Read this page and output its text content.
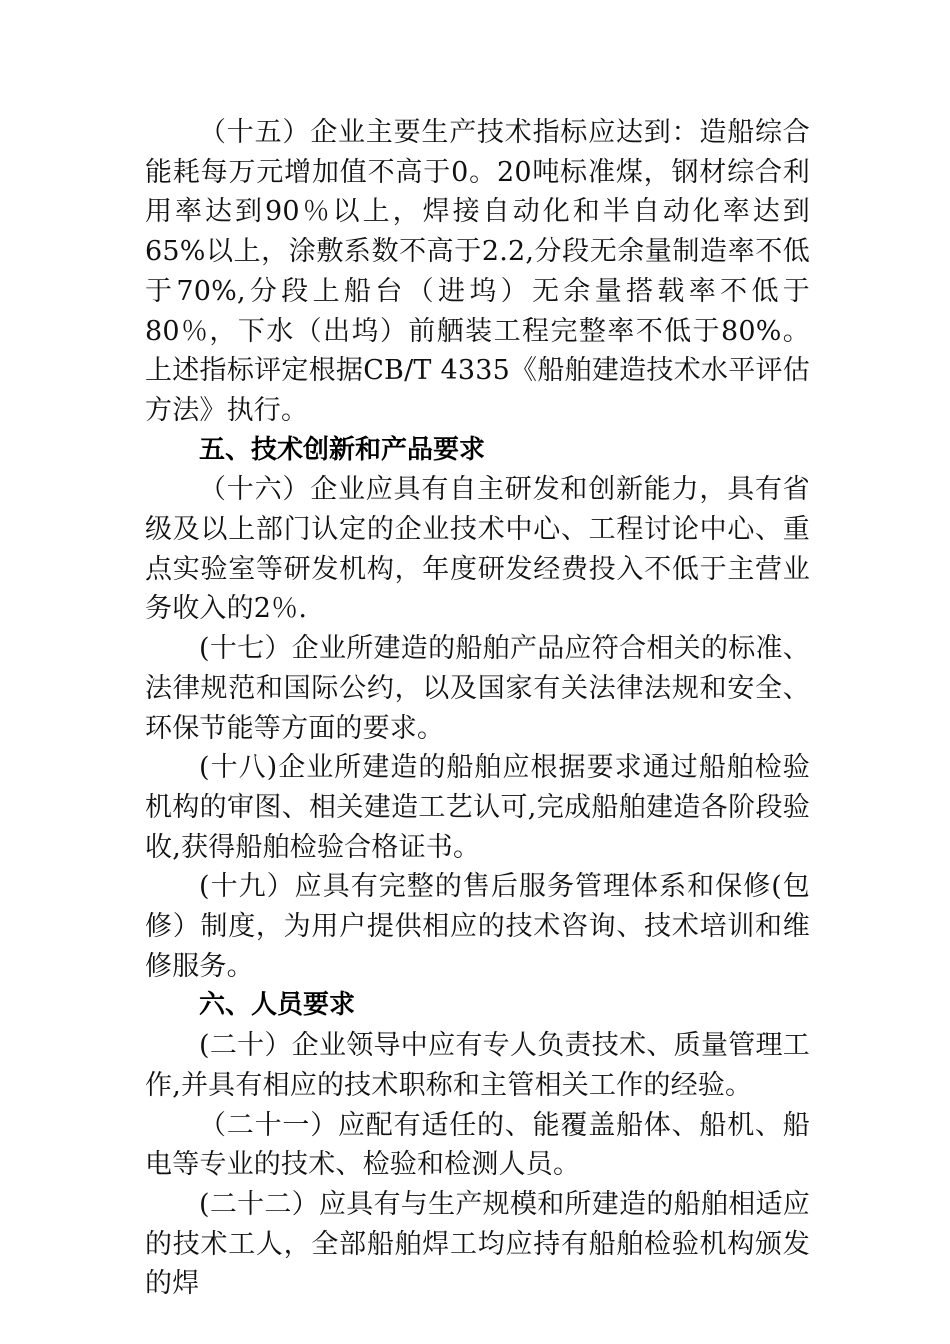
（十五）企业主要生产技术指标应达到：造船综合能耗每万元增加值不高于0。20吨标准煤，钢材综合利用率达到90％以上，焊接自动化和半自动化率达到65%以上，涂敷系数不高于2.2,分段无余量制造率不低于70%,分段上船台（进坞）无余量搭载率不低于80％，下水（出坞）前舾装工程完整率不低于80%。上述指标评定根据CB/T 4335《船舶建造技术水平评估方法》执行。

五、技术创新和产品要求

（十六）企业应具有自主研发和创新能力，具有省级及以上部门认定的企业技术中心、工程讨论中心、重点实验室等研发机构，年度研发经费投入不低于主营业务收入的2％.

(十七）企业所建造的船舶产品应符合相关的标准、法律规范和国际公约，以及国家有关法律法规和安全、环保节能等方面的要求。

(十八)企业所建造的船舶应根据要求通过船舶检验机构的审图、相关建造工艺认可,完成船舶建造各阶段验收,获得船舶检验合格证书。

(十九）应具有完整的售后服务管理体系和保修(包修）制度，为用户提供相应的技术咨询、技术培训和维修服务。

六、人员要求

(二十）企业领导中应有专人负责技术、质量管理工作,并具有相应的技术职称和主管相关工作的经验。

（二十一）应配有适任的、能覆盖船体、船机、船电等专业的技术、检验和检测人员。

(二十二）应具有与生产规模和所建造的船舶相适应的技术工人，全部船舶焊工均应持有船舶检验机构颁发的焊
